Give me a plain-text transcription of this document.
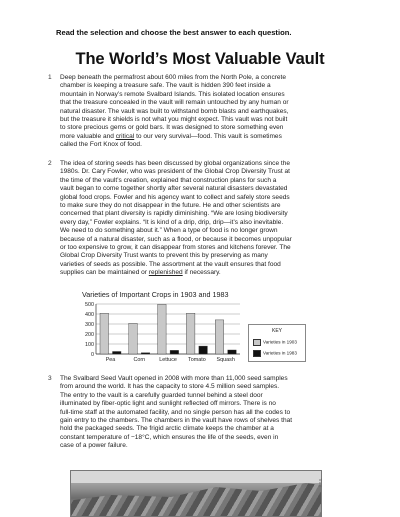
Read the selection and choose the best answer to each question.
The World’s Most Valuable Vault
1 Deep beneath the permafrost about 600 miles from the North Pole, a concrete
chamber is keeping a treasure safe. The vault is hidden 390 feet inside a
mountain in Norway’s remote Svalbard Islands. This isolated location ensures
that the treasure concealed in the vault will remain untouched by any human or
natural disaster. The vault was built to withstand bomb blasts and earthquakes,
but the treasure it shields is not what you might expect. This vault was not built
to store precious gems or gold bars. It was designed to store something even
more valuable and critical to our very survival—food. This vault is sometimes
called the Fort Knox of food.
2 The idea of storing seeds has been discussed by global organizations since the
1980s. Dr. Cary Fowler, who was president of the Global Crop Diversity Trust at
the time of the vault’s creation, explained that construction plans for such a
vault began to come together shortly after several natural disasters devastated
global food crops. Fowler and his agency want to collect and safely store seeds
to make sure they do not disappear in the future. He and other scientists are
concerned that plant diversity is rapidly diminishing. “We are losing biodiversity
every day,” Fowler explains. “It is kind of a drip, drip, drip—it’s also inevitable.
We need to do something about it.” When a type of food is no longer grown
because of a natural disaster, such as a flood, or because it becomes unpopular
or too expensive to grow, it can disappear from stores and kitchens forever. The
Global Crop Diversity Trust wants to prevent this by preserving as many
varieties of seeds as possible. The assortment at the vault ensures that food
supplies can be maintained or replenished if necessary.
Varieties of Important Crops in 1903 and 1983
0
100
200
300
400
500
Pea	Corn	Lettuce Tomato Squash
KEY
Varieties in 1903
Varieties in 1983
3 The Svalbard Seed Vault opened in 2008 with more than 11,000 seed samples
from around the world. It has the capacity to store 4.5 million seed samples.
The entry to the vault is a carefully guarded tunnel behind a steel door
illuminated by fiber-optic light and sunlight reflected off mirrors. There is no
full-time staff at the automated facility, and no single person has all the codes to
gain entry to the chambers. The chambers in the vault have rows of shelves that
hold the packaged seeds. The frigid arctic climate keeps the chamber at a
constant temperature of −18°C, which ensures the life of the seeds, even in
case of a power failure.
Trust
